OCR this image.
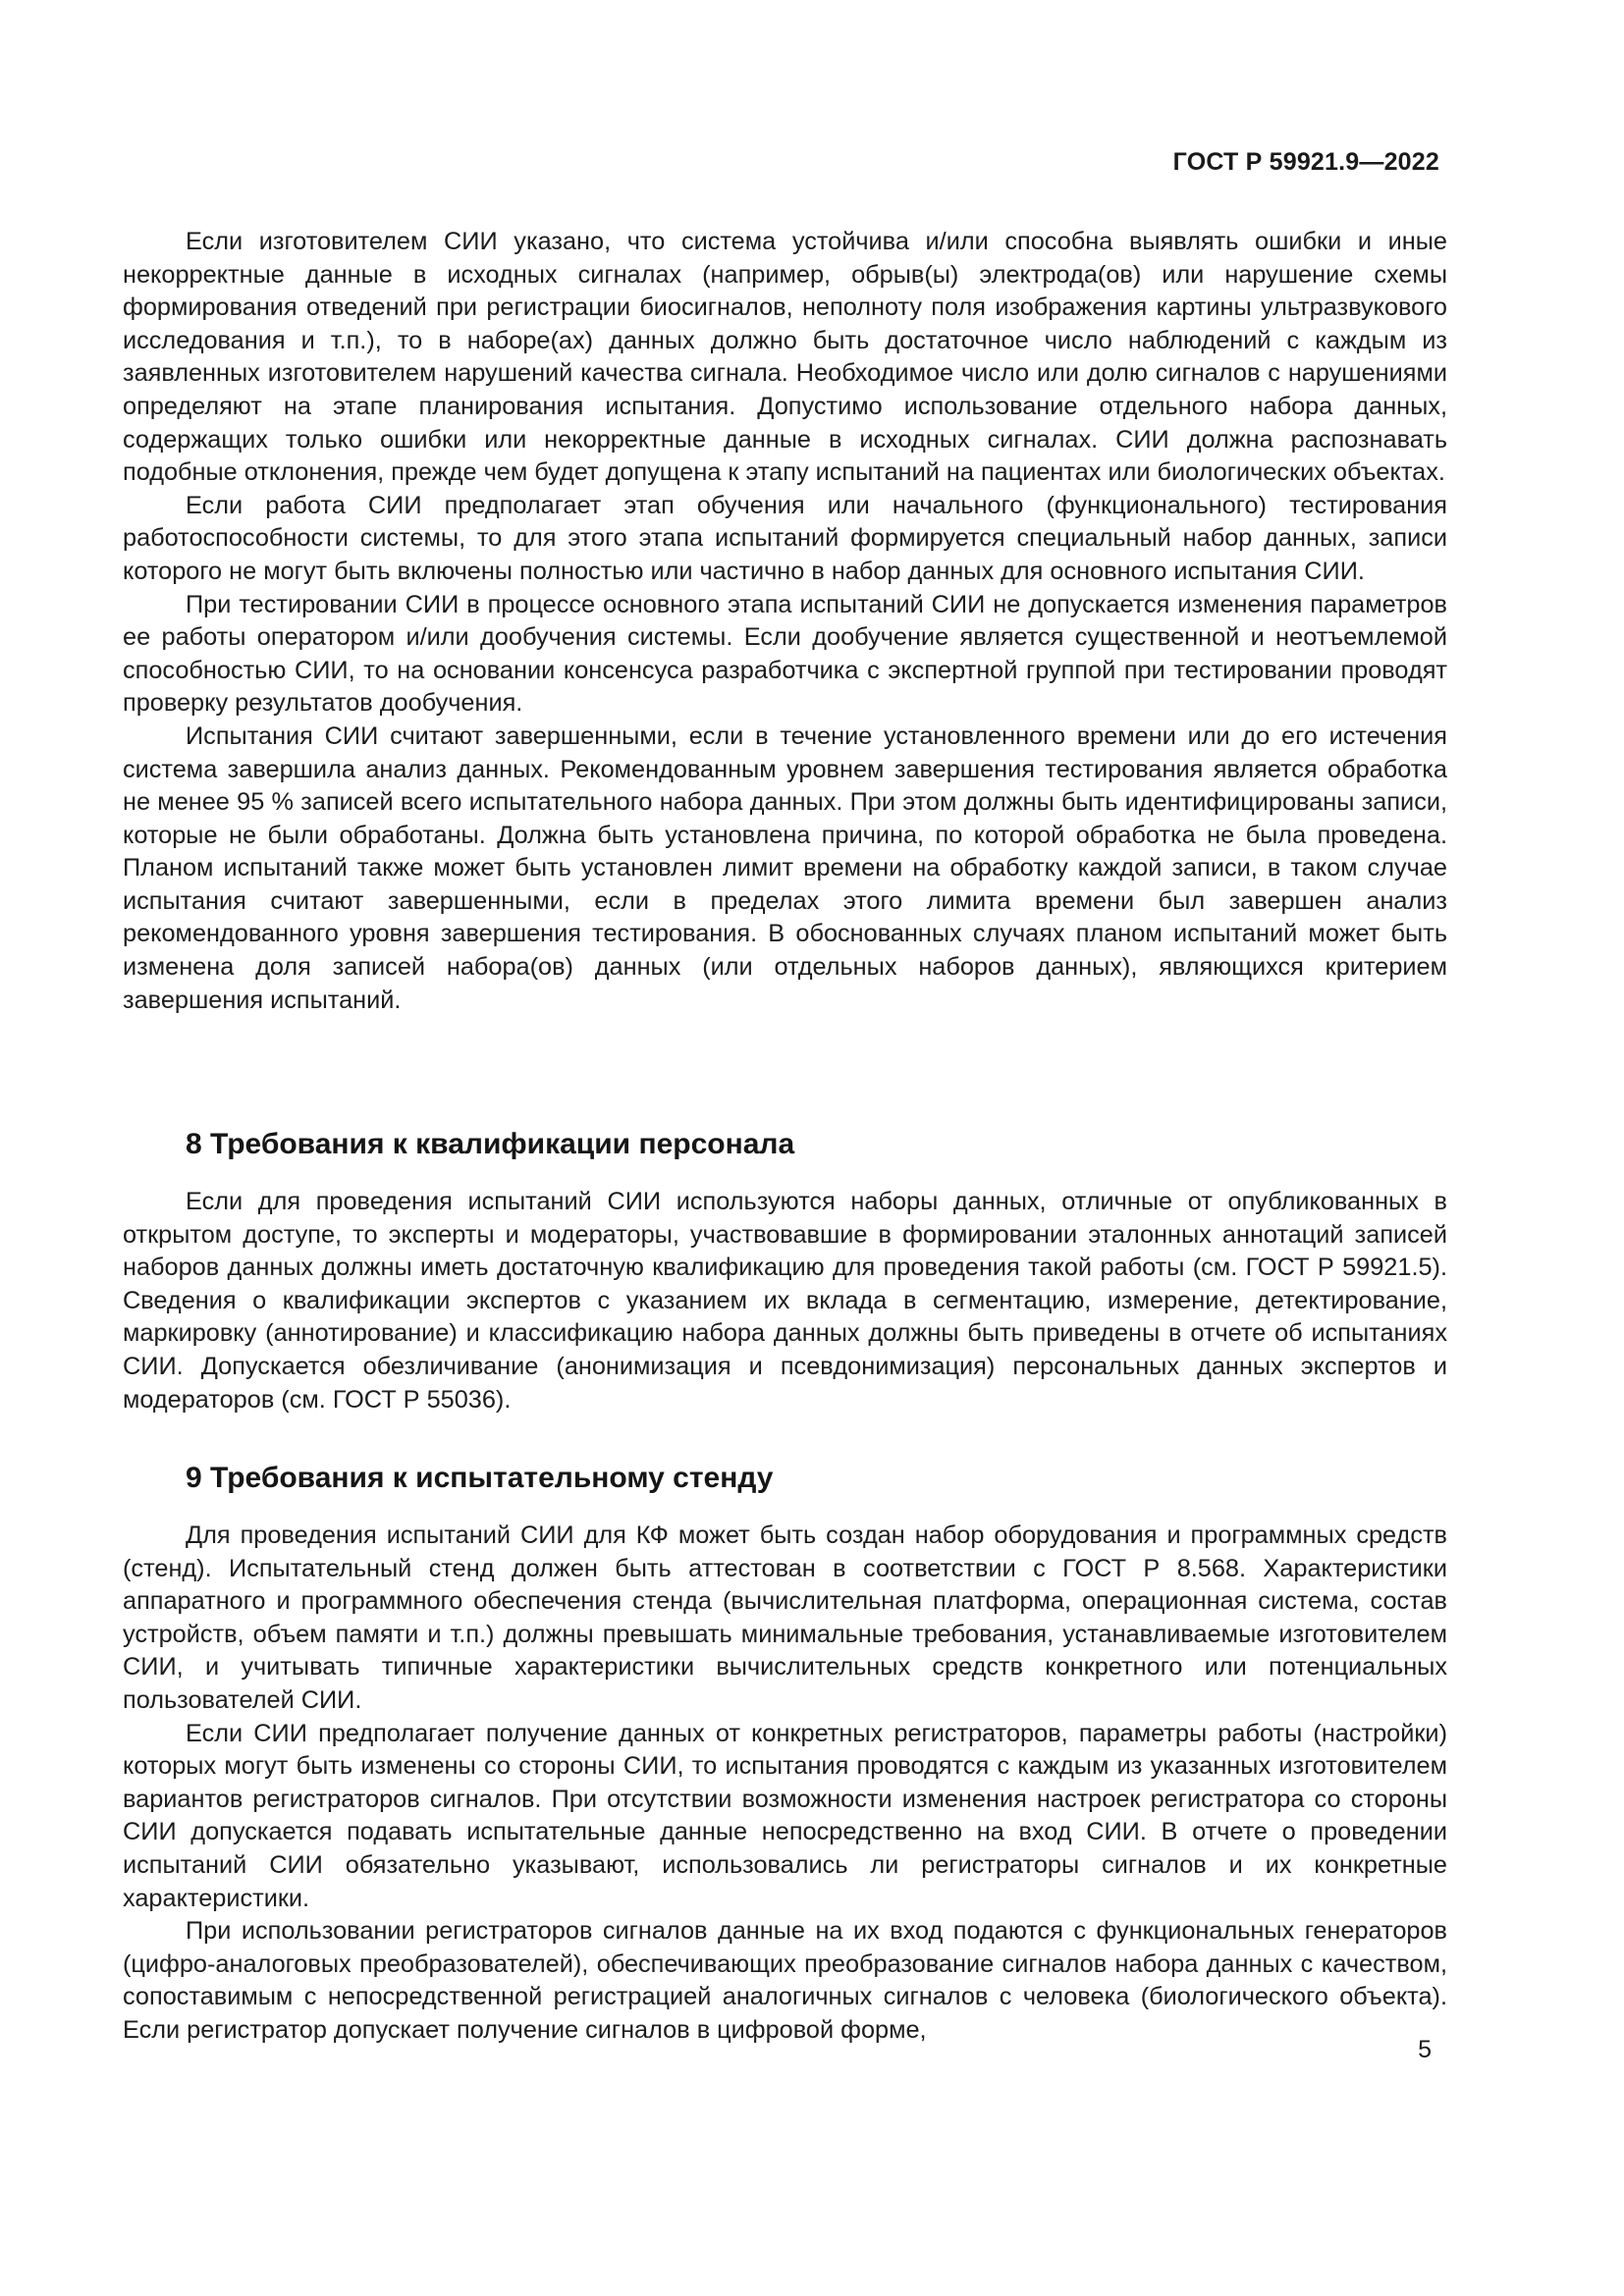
ГОСТ Р 59921.9—2022

Если изготовителем СИИ указано, что система устойчива и/или способна выявлять ошибки и иные некорректные данные в исходных сигналах (например, обрыв(ы) электрода(ов) или нарушение схемы формирования отведений при регистрации биосигналов, неполноту поля изображения картины ультразвукового исследования и т.п.), то в наборе(ах) данных должно быть достаточное число наблюдений с каждым из заявленных изготовителем нарушений качества сигнала. Необходимое число или долю сигналов с нарушениями определяют на этапе планирования испытания. Допустимо использование отдельного набора данных, содержащих только ошибки или некорректные данные в исходных сигналах. СИИ должна распознавать подобные отклонения, прежде чем будет допущена к этапу испытаний на пациентах или биологических объектах.

Если работа СИИ предполагает этап обучения или начального (функционального) тестирования работоспособности системы, то для этого этапа испытаний формируется специальный набор данных, записи которого не могут быть включены полностью или частично в набор данных для основного испытания СИИ.

При тестировании СИИ в процессе основного этапа испытаний СИИ не допускается изменения параметров ее работы оператором и/или дообучения системы. Если дообучение является существенной и неотъемлемой способностью СИИ, то на основании консенсуса разработчика с экспертной группой при тестировании проводят проверку результатов дообучения.

Испытания СИИ считают завершенными, если в течение установленного времени или до его истечения система завершила анализ данных. Рекомендованным уровнем завершения тестирования является обработка не менее 95 % записей всего испытательного набора данных. При этом должны быть идентифицированы записи, которые не были обработаны. Должна быть установлена причина, по которой обработка не была проведена. Планом испытаний также может быть установлен лимит времени на обработку каждой записи, в таком случае испытания считают завершенными, если в пределах этого лимита времени был завершен анализ рекомендованного уровня завершения тестирования. В обоснованных случаях планом испытаний может быть изменена доля записей набора(ов) данных (или отдельных наборов данных), являющихся критерием завершения испытаний.

8 Требования к квалификации персонала

Если для проведения испытаний СИИ используются наборы данных, отличные от опубликованных в открытом доступе, то эксперты и модераторы, участвовавшие в формировании эталонных аннотаций записей наборов данных должны иметь достаточную квалификацию для проведения такой работы (см. ГОСТ Р 59921.5). Сведения о квалификации экспертов с указанием их вклада в сегментацию, измерение, детектирование, маркировку (аннотирование) и классификацию набора данных должны быть приведены в отчете об испытаниях СИИ. Допускается обезличивание (анонимизация и псевдонимизация) персональных данных экспертов и модераторов (см. ГОСТ Р 55036).

9 Требования к испытательному стенду

Для проведения испытаний СИИ для КФ может быть создан набор оборудования и программных средств (стенд). Испытательный стенд должен быть аттестован в соответствии с ГОСТ Р 8.568. Характеристики аппаратного и программного обеспечения стенда (вычислительная платформа, операционная система, состав устройств, объем памяти и т.п.) должны превышать минимальные требования, устанавливаемые изготовителем СИИ, и учитывать типичные характеристики вычислительных средств конкретного или потенциальных пользователей СИИ.

Если СИИ предполагает получение данных от конкретных регистраторов, параметры работы (настройки) которых могут быть изменены со стороны СИИ, то испытания проводятся с каждым из указанных изготовителем вариантов регистраторов сигналов. При отсутствии возможности изменения настроек регистратора со стороны СИИ допускается подавать испытательные данные непосредственно на вход СИИ. В отчете о проведении испытаний СИИ обязательно указывают, использовались ли регистраторы сигналов и их конкретные характеристики.

При использовании регистраторов сигналов данные на их вход подаются с функциональных генераторов (цифро-аналоговых преобразователей), обеспечивающих преобразование сигналов набора данных с качеством, сопоставимым с непосредственной регистрацией аналогичных сигналов с человека (биологического объекта). Если регистратор допускает получение сигналов в цифровой форме,

5
